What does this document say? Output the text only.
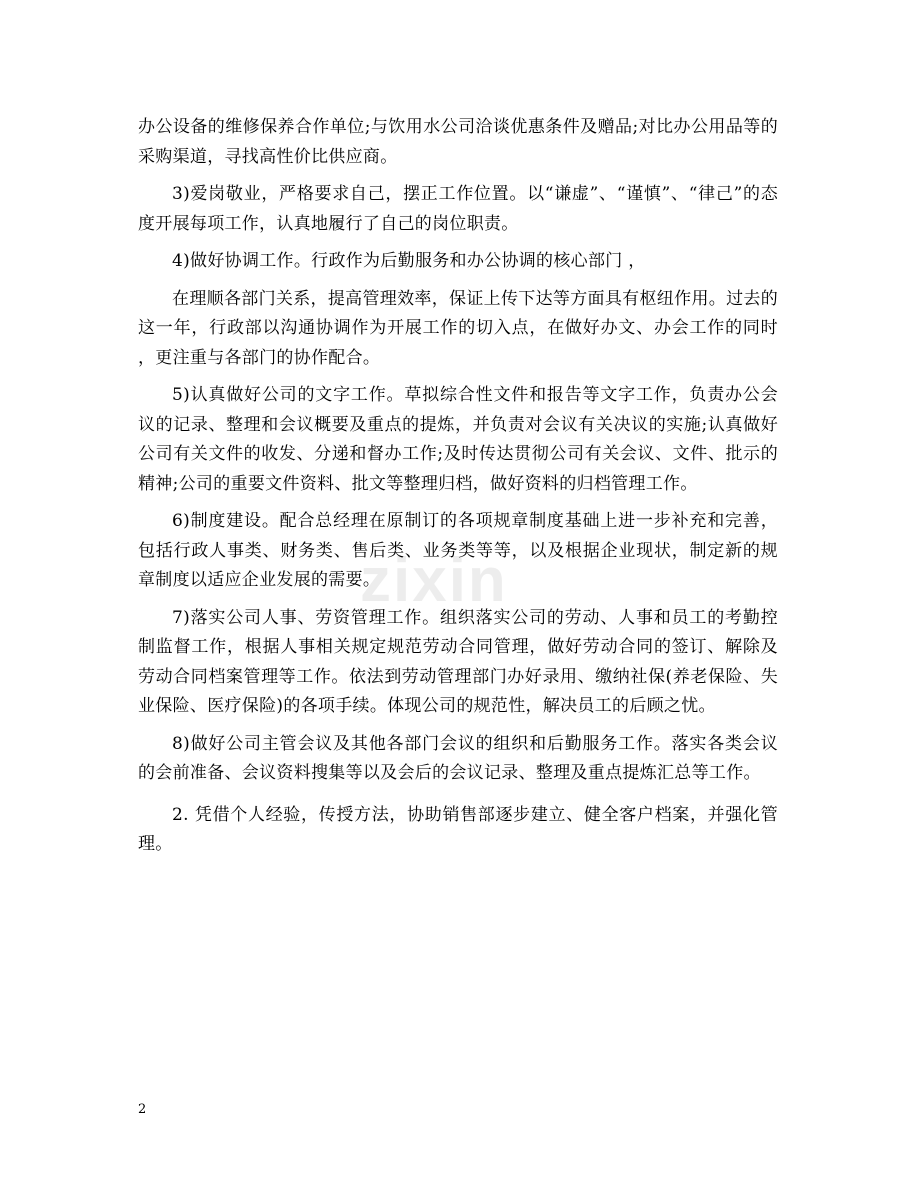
zixin

办公设备的维修保养合作单位;与饮用水公司洽谈优惠条件及赠品;对比办公用品等的采购渠道，寻找高性价比供应商。

3)爱岗敬业，严格要求自己，摆正工作位置。以“谦虚”、“谨慎”、“律己”的态度开展每项工作，认真地履行了自己的岗位职责。

4)做好协调工作。行政作为后勤服务和办公协调的核心部门 ，

在理顺各部门关系，提高管理效率，保证上传下达等方面具有枢纽作用。过去的这一年，行政部以沟通协调作为开展工作的切入点，在做好办文、办会工作的同时，更注重与各部门的协作配合。

5)认真做好公司的文字工作。草拟综合性文件和报告等文字工作，负责办公会议的记录、整理和会议概要及重点的提炼，并负责对会议有关决议的实施;认真做好公司有关文件的收发、分递和督办工作;及时传达贯彻公司有关会议、文件、批示的精神;公司的重要文件资料、批文等整理归档，做好资料的归档管理工作。

6)制度建设。配合总经理在原制订的各项规章制度基础上进一步补充和完善，包括行政人事类、财务类、售后类、业务类等等，以及根据企业现状，制定新的规章制度以适应企业发展的需要。

7)落实公司人事、劳资管理工作。组织落实公司的劳动、人事和员工的考勤控制监督工作，根据人事相关规定规范劳动合同管理，做好劳动合同的签订、解除及劳动合同档案管理等工作。依法到劳动管理部门办好录用、缴纳社保(养老保险、失业保险、医疗保险)的各项手续。体现公司的规范性，解决员工的后顾之忧。

8)做好公司主管会议及其他各部门会议的组织和后勤服务工作。落实各类会议的会前准备、会议资料搜集等以及会后的会议记录、整理及重点提炼汇总等工作。

2. 凭借个人经验，传授方法，协助销售部逐步建立、健全客户档案，并强化管理。

2
